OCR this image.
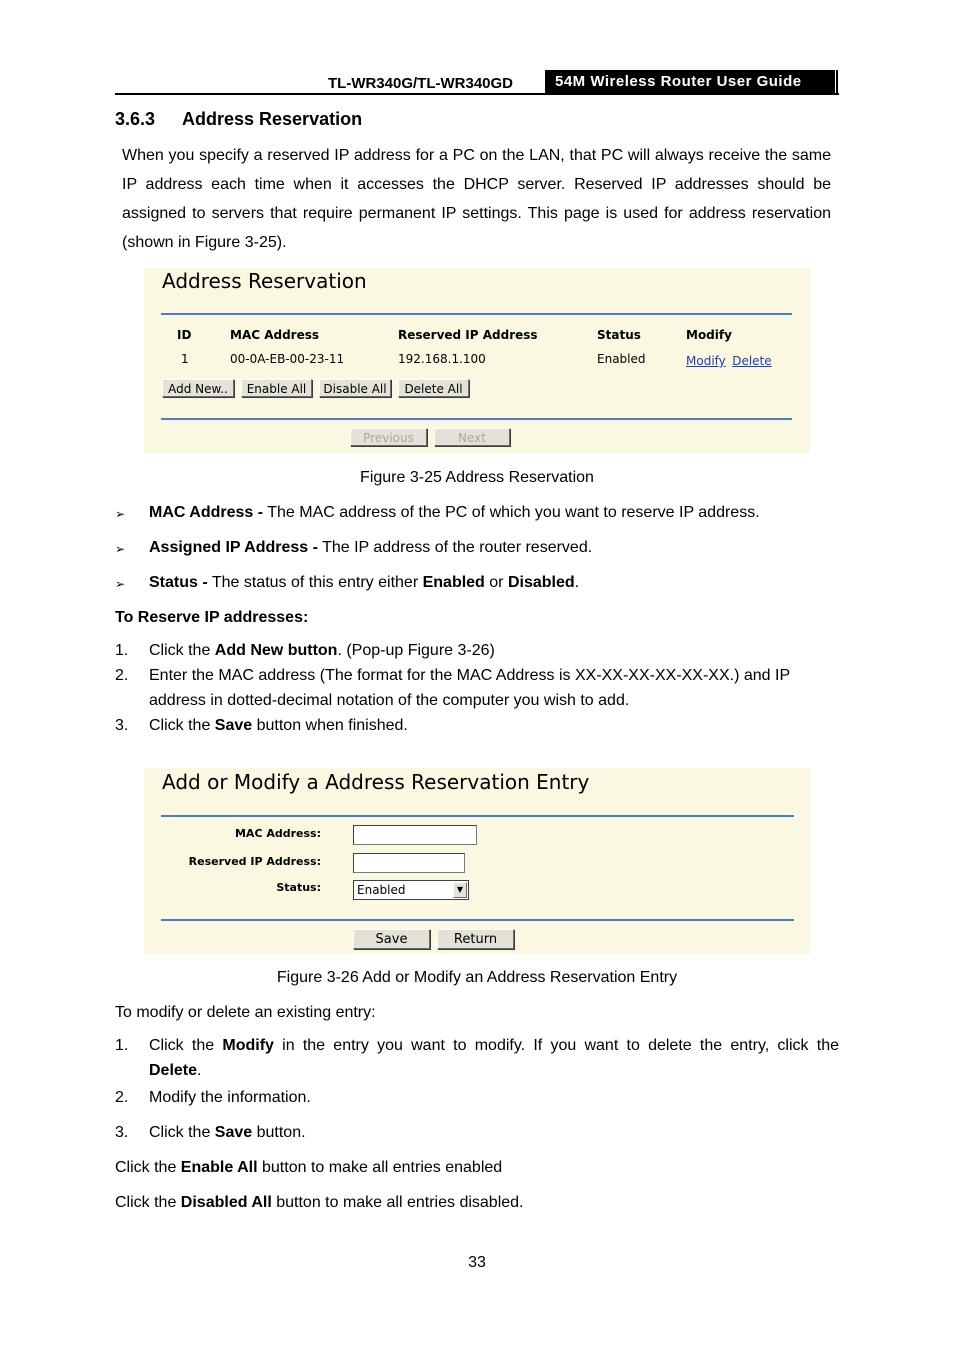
TL-WR340G/TL-WR340GD	54M Wireless Router User Guide
3.6.3 Address Reservation
When you specify a reserved IP address for a PC on the LAN, that PC will always receive the same IP address each time when it accesses the DHCP server. Reserved IP addresses should be assigned to servers that require permanent IP settings. This page is used for address reservation (shown in Figure 3-25).
Address Reservation
ID	MAC Address	Reserved IP Address	Status	Modify
1	00-0A-EB-00-23-11	192.168.1.100	Enabled	Modify Delete
Add New..	Enable All	Disable All	Delete All
Previous	Next
Figure 3-25 Address Reservation
➢ MAC Address - The MAC address of the PC of which you want to reserve IP address.
➢ Assigned IP Address - The IP address of the router reserved.
➢ Status - The status of this entry either Enabled or Disabled.
To Reserve IP addresses:
1. Click the Add New button. (Pop-up Figure 3-26)
2. Enter the MAC address (The format for the MAC Address is XX-XX-XX-XX-XX-XX.) and IP
address in dotted-decimal notation of the computer you wish to add.
3. Click the Save button when finished.
Add or Modify a Address Reservation Entry
MAC Address:
Reserved IP Address:
Status:	Enabled	▼
Save	Return
Figure 3-26 Add or Modify an Address Reservation Entry
To modify or delete an existing entry:
1. Click the Modify in the entry you want to modify. If you want to delete the entry, click the
Delete.
2. Modify the information.
3. Click the Save button.
Click the Enable All button to make all entries enabled
Click the Disabled All button to make all entries disabled.
33
